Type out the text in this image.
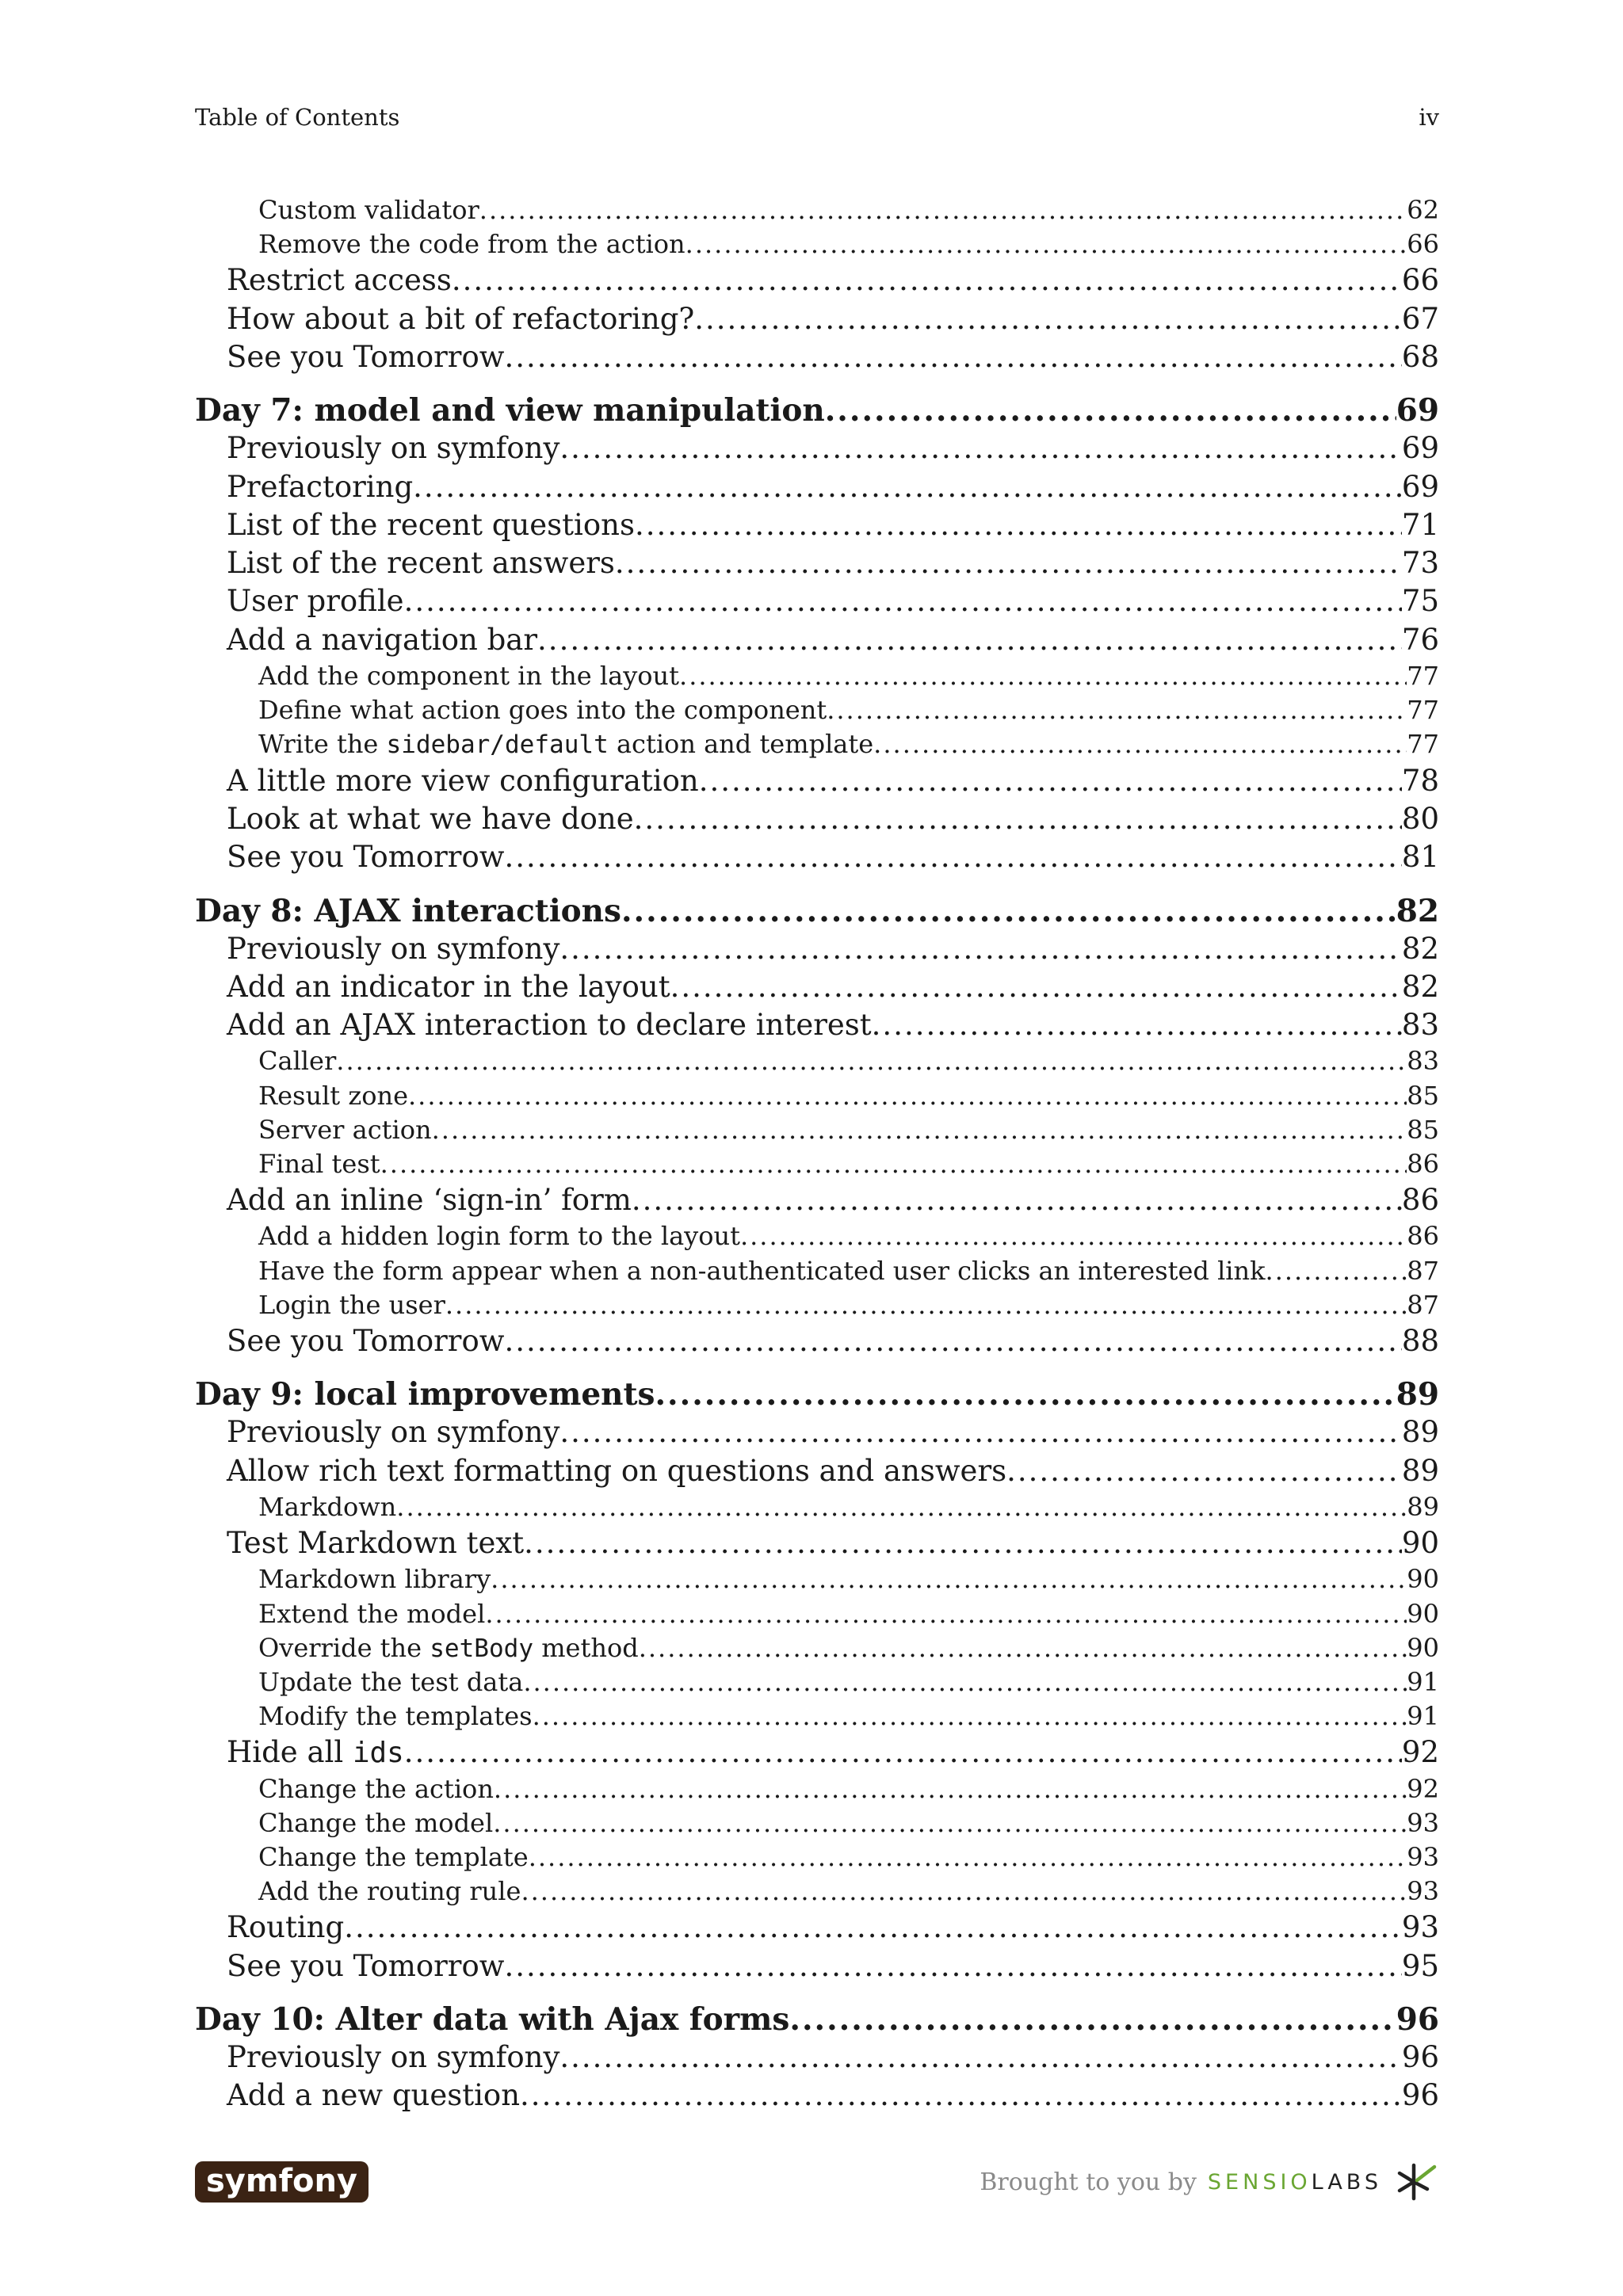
Table of Contents	iv
Custom validator .....	62
Remove the code from the action .....	66
Restrict access .....	66
How about a bit of refactoring? .....	67
See you Tomorrow .....	68
Day 7: model and view manipulation .....	69
Previously on symfony .....	69
Prefactoring .....	69
List of the recent questions .....	71
List of the recent answers .....	73
User profile .....	75
Add a navigation bar .....	76
Add the component in the layout .....	77
Define what action goes into the component .....	77
Write the sidebar/default action and template .....	77
A little more view configuration .....	78
Look at what we have done .....	80
See you Tomorrow .....	81
Day 8: AJAX interactions .....	82
Previously on symfony .....	82
Add an indicator in the layout .....	82
Add an AJAX interaction to declare interest .....	83
Caller .....	83
Result zone .....	85
Server action .....	85
Final test .....	86
Add an inline ‘sign-in’ form .....	86
Add a hidden login form to the layout .....	86
Have the form appear when a non-authenticated user clicks an interested link .....	87
Login the user .....	87
See you Tomorrow .....	88
Day 9: local improvements .....	89
Previously on symfony .....	89
Allow rich text formatting on questions and answers .....	89
Markdown .....	89
Test Markdown text .....	90
Markdown library .....	90
Extend the model .....	90
Override the setBody method .....	90
Update the test data .....	91
Modify the templates .....	91
Hide all ids .....	92
Change the action .....	92
Change the model .....	93
Change the template .....	93
Add the routing rule .....	93
Routing .....	93
See you Tomorrow .....	95
Day 10: Alter data with Ajax forms .....	96
Previously on symfony .....	96
Add a new question .....	96
symfony	Brought to you by SENSIOLABS
